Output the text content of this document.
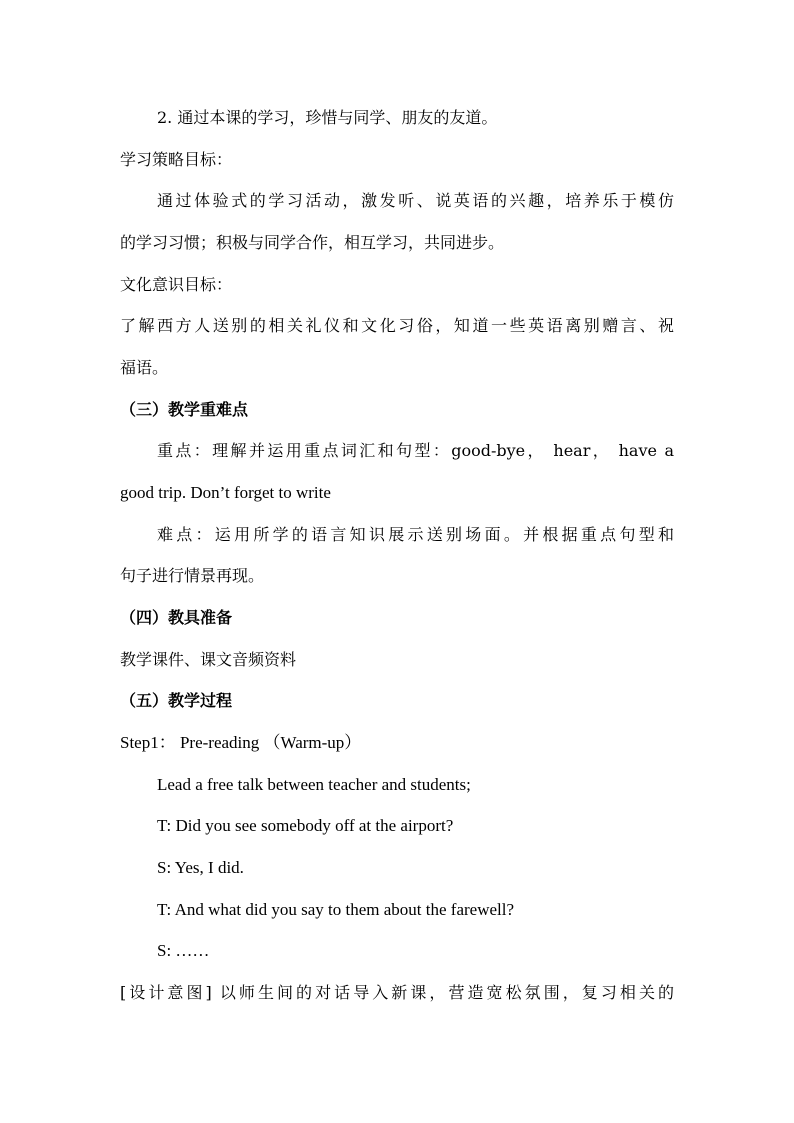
2. 通过本课的学习，珍惜与同学、朋友的友道。
学习策略目标：
通过体验式的学习活动，激发听、说英语的兴趣，培养乐于模仿
的学习习惯；积极与同学合作，相互学习，共同进步。
文化意识目标：
了解西方人送别的相关礼仪和文化习俗，知道一些英语离别赠言、祝
福语。
（三）教学重难点
重点：理解并运用重点词汇和句型：good-bye， hear， have a
good trip. Don’t forget to write
难点：运用所学的语言知识展示送别场面。并根据重点句型和
句子进行情景再现。
（四）教具准备
教学课件、课文音频资料
（五）教学过程
Step1： Pre-reading （Warm-up）
Lead a free talk between teacher and students;
T: Did you see somebody off at the airport?
S: Yes, I did.
T: And what did you say to them about the farewell?
S: ……
[设计意图] 以师生间的对话导入新课，营造宽松氛围，复习相关的
